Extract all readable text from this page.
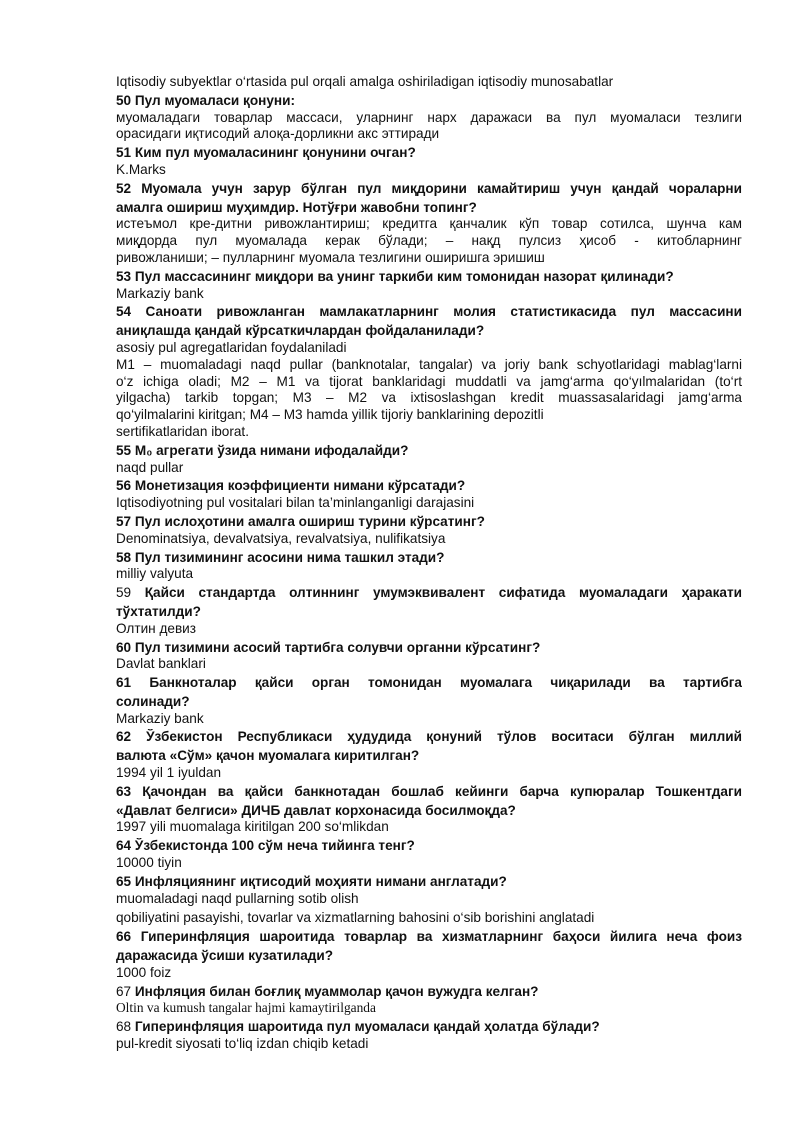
Iqtisodiy subyektlar o‘rtasida pul orqali amalga oshiriladigan iqtisodiy munosabatlar
50 Пул муомаласи қонуни:
муомаладаги товарлар массаси, уларнинг нарх даражаси ва пул муомаласи тезлиги
орасидаги иқтисодий алоқа-дорликни акс эттиради
51 Ким пул муомаласининг қонунини очган?
K.Marks
52 Муомала учун зарур бўлган пул миқдорини камайтириш учун қандай чораларни
амалга ошириш муҳимдир. Нотўғри жавобни топинг?
истеъмол кре-дитни ривожлантириш; кредитга қанчалик кўп товар сотилса, шунча кам
миқдорда пул муомалада керак бўлади; – нақд пулсиз ҳисоб - китобларнинг
ривожланиши; – пулларнинг муомала тезлигини оширишга эришиш
53 Пул массасининг миқдори ва унинг таркиби ким томонидан назорат қилинади?
Markaziy bank
54 Саноати ривожланган мамлакатларнинг молия статистикасида пул массасини
аниқлашда қандай кўрсаткичлардан фойдаланилади?
asosiy pul agregatlaridan foydalaniladi
M1 – muomaladagi naqd pullar (banknotalar, tangalar) va joriy bank schyotlaridagi mablag‘larni
o‘z ichiga oladi; M2 – M1 va tijorat banklaridagi muddatli va jamg‘arma qo‘yılmalaridan (to‘rt
yilgacha) tarkib topgan; M3 – M2 va ixtisoslashgan kredit muassasalaridagi jamg‘arma
qo‘yilmalarini kiritgan; M4 – M3 hamda yillik tijoriy banklarining depozitli
sertifikatlaridan iborat.
55 M₀ агрегати ўзида нимани ифодалайди?
naqd pullar
56 Монетизация коэффициенти нимани кўрсатади?
Iqtisodiyotning pul vositalari bilan ta’minlanganligi darajasini
57 Пул ислоҳотини амалга ошириш турини кўрсатинг?
Denominatsiya, devalvatsiya, revalvatsiya, nulifikatsiya
58 Пул тизимининг асосини нима ташкил этади?
milliy valyuta
59 Қайси стандартда олтиннинг умумэквивалент сифатида муомаладаги ҳаракати
тўхтатилди?
Олтин девиз
60 Пул тизимини асосий тартибга солувчи органни кўрсатинг?
Davlat banklari
61 Банкноталар қайси орган томонидан муомалага чиқарилади ва тартибга
солинади?
Markaziy bank
62 Ўзбекистон Республикаси ҳудудида қонуний тўлов воситаси бўлган миллий
валюта «Сўм» қачон муомалага киритилган?
1994 yil 1 iyuldan
63 Қачондан ва қайси банкнотадан бошлаб кейинги барча купюралар Тошкентдаги
«Давлат белгиси» ДИЧБ давлат корхонасида босилмоқда?
1997 yili muomalaga kiritilgan 200 so‘mlikdan
64 Ўзбекистонда 100 сўм неча тийинга тенг?
10000 tiyin
65 Инфляциянинг иқтисодий моҳияти нимани англатади?
muomaladagi naqd pullarning sotib olish
qobiliyatini pasayishi, tovarlar va xizmatlarning bahosini o‘sib borishini anglatadi
66 Гиперинфляция шароитида товарлар ва хизматларнинг баҳоси йилига неча фоиз
даражасида ўсиши кузатилади?
1000 foiz
67 Инфляция билан боғлиқ муаммолар қачон вужудга келган?
Oltin va kumush tangalar hajmi kamaytirilganda
68 Гиперинфляция шароитида пул муомаласи қандай ҳолатда бўлади?
pul-kredit siyosati to‘liq izdan chiqib ketadi
